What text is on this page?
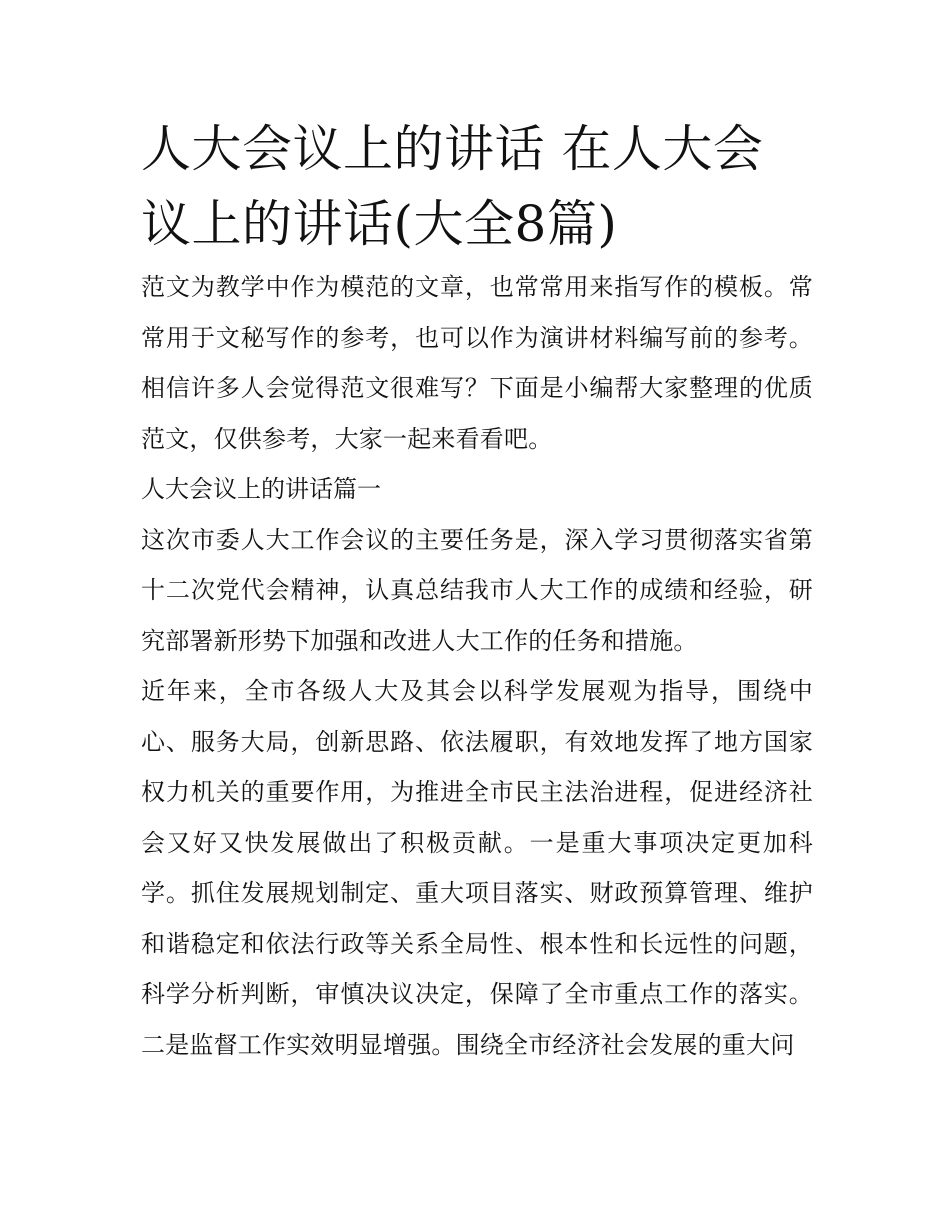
人大会议上的讲话 在人大会议上的讲话(大全8篇)

范文为教学中作为模范的文章，也常常用来指写作的模板。常常用于文秘写作的参考，也可以作为演讲材料编写前的参考。相信许多人会觉得范文很难写？下面是小编帮大家整理的优质范文，仅供参考，大家一起来看看吧。

人大会议上的讲话篇一

这次市委人大工作会议的主要任务是，深入学习贯彻落实省第十二次党代会精神，认真总结我市人大工作的成绩和经验，研究部署新形势下加强和改进人大工作的任务和措施。

近年来，全市各级人大及其会以科学发展观为指导，围绕中心、服务大局，创新思路、依法履职，有效地发挥了地方国家权力机关的重要作用，为推进全市民主法治进程，促进经济社会又好又快发展做出了积极贡献。一是重大事项决定更加科学。抓住发展规划制定、重大项目落实、财政预算管理、维护和谐稳定和依法行政等关系全局性、根本性和长远性的问题，科学分析判断，审慎决议决定，保障了全市重点工作的落实。二是监督工作实效明显增强。围绕全市经济社会发展的重大问
